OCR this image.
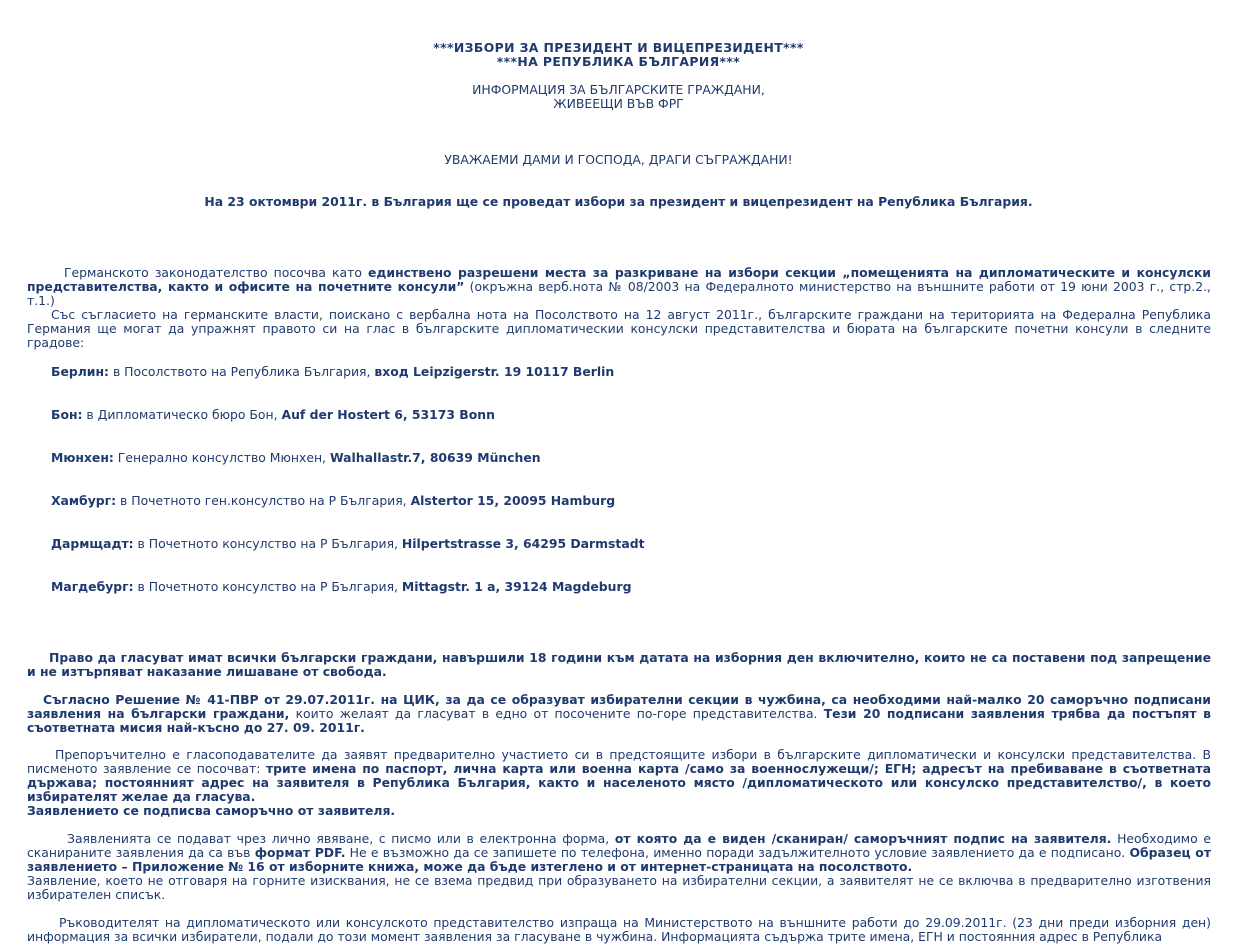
***ИЗБОРИ ЗА ПРЕЗИДЕНТ И ВИЦЕПРЕЗИДЕНТ***
***НА РЕПУБЛИКА БЪЛГАРИЯ***
ИНФОРМАЦИЯ ЗА БЪЛГАРСКИТЕ ГРАЖДАНИ,
ЖИВЕЕЩИ ВЪВ ФРГ
УВАЖАЕМИ ДАМИ И ГОСПОДА, ДРАГИ СЪГРАЖДАНИ!
На 23 октомври 2011г. в България ще се проведат избори за президент и вицепрезидент на Република България.
Германското законодателство посочва като единствено разрешени места за разкриване на избори секции „помещенията на дипломатическите и консулски представителства, както и офисите на почетните консули” (окръжна верб.нота № 08/2003 на Федералното министерство на външните работи от 19 юни 2003 г., стр.2., т.1.)
Със съгласието на германските власти, поискано с вербална нота на Посолството на 12 август 2011г., българските граждани на територията на Федерална Република Германия ще могат да упражнят правото си на глас в българските дипломатическии консулски представителства и бюрата на българските почетни консули в следните градове:
Берлин: в Посолството на Република България, вход Leipzigerstr. 19 10117 Berlin
Бон: в Дипломатическо бюро Бон, Auf der Hostert 6, 53173 Bonn
Мюнхен: Генерално консулство Мюнхен, Walhallastr.7, 80639 München
Хамбург: в Почетното ген.консулство на Р България, Alstertor 15, 20095 Hamburg
Дармщадт: в Почетното консулство на Р България, Hilpertstrasse 3, 64295 Darmstadt
Магдебург: в Почетното консулство на Р България, Mittagstr. 1 a, 39124 Magdeburg
Право да гласуват имат всички български граждани, навършили 18 години към датата на изборния ден включително, които не са поставени под запрещение и не изтърпяват наказание лишаване от свобода.
Съгласно Решение № 41-ПВР от 29.07.2011г. на ЦИК, за да се образуват избирателни секции в чужбина, са необходими най-малко 20 саморъчно подписани заявления на български граждани, които желаят да гласуват в едно от посочените по-горе представителства. Тези 20 подписани заявления трябва да постъпят в съответната мисия най-късно до 27. 09. 2011г.
Препоръчително е гласоподавателите да заявят предварително участието си в предстоящите избори в българските дипломатически и консулски представителства. В писменото заявление се посочват: трите имена по паспорт, лична карта или военна карта /само за военнослужещи/; ЕГН; адресът на пребиваване в съответната държава; постоянният адрес на заявителя в Република България, както и населеното място /дипломатическото или консулско представителство/, в което избирателят желае да гласува.
Заявлението се подписва саморъчно от заявителя.
Заявленията се подават чрез лично явяване, с писмо или в електронна форма, от която да е виден /сканиран/ саморъчният подпис на заявителя. Необходимо е сканираните заявления да са във формат PDF. Не е възможно да се запишете по телефона, именно поради задължителното условие заявлението да е подписано. Образец от заявлението – Приложение № 16 от изборните книжа, може да бъде изтеглено и от интернет-страницата на посолството.
Заявление, което не отговаря на горните изисквания, не се взема предвид при образуването на избирателни секции, а заявителят не се включва в предварително изготвения избирателен списък.
Ръководителят на дипломатическото или консулското представителство изпраща на Министерството на външните работи до 29.09.2011г. (23 дни преди изборния ден) информация за всички избиратели, подали до този момент заявления за гласуване в чужбина. Информацията съдържа трите имена, ЕГН и постоянния адрес в Република
